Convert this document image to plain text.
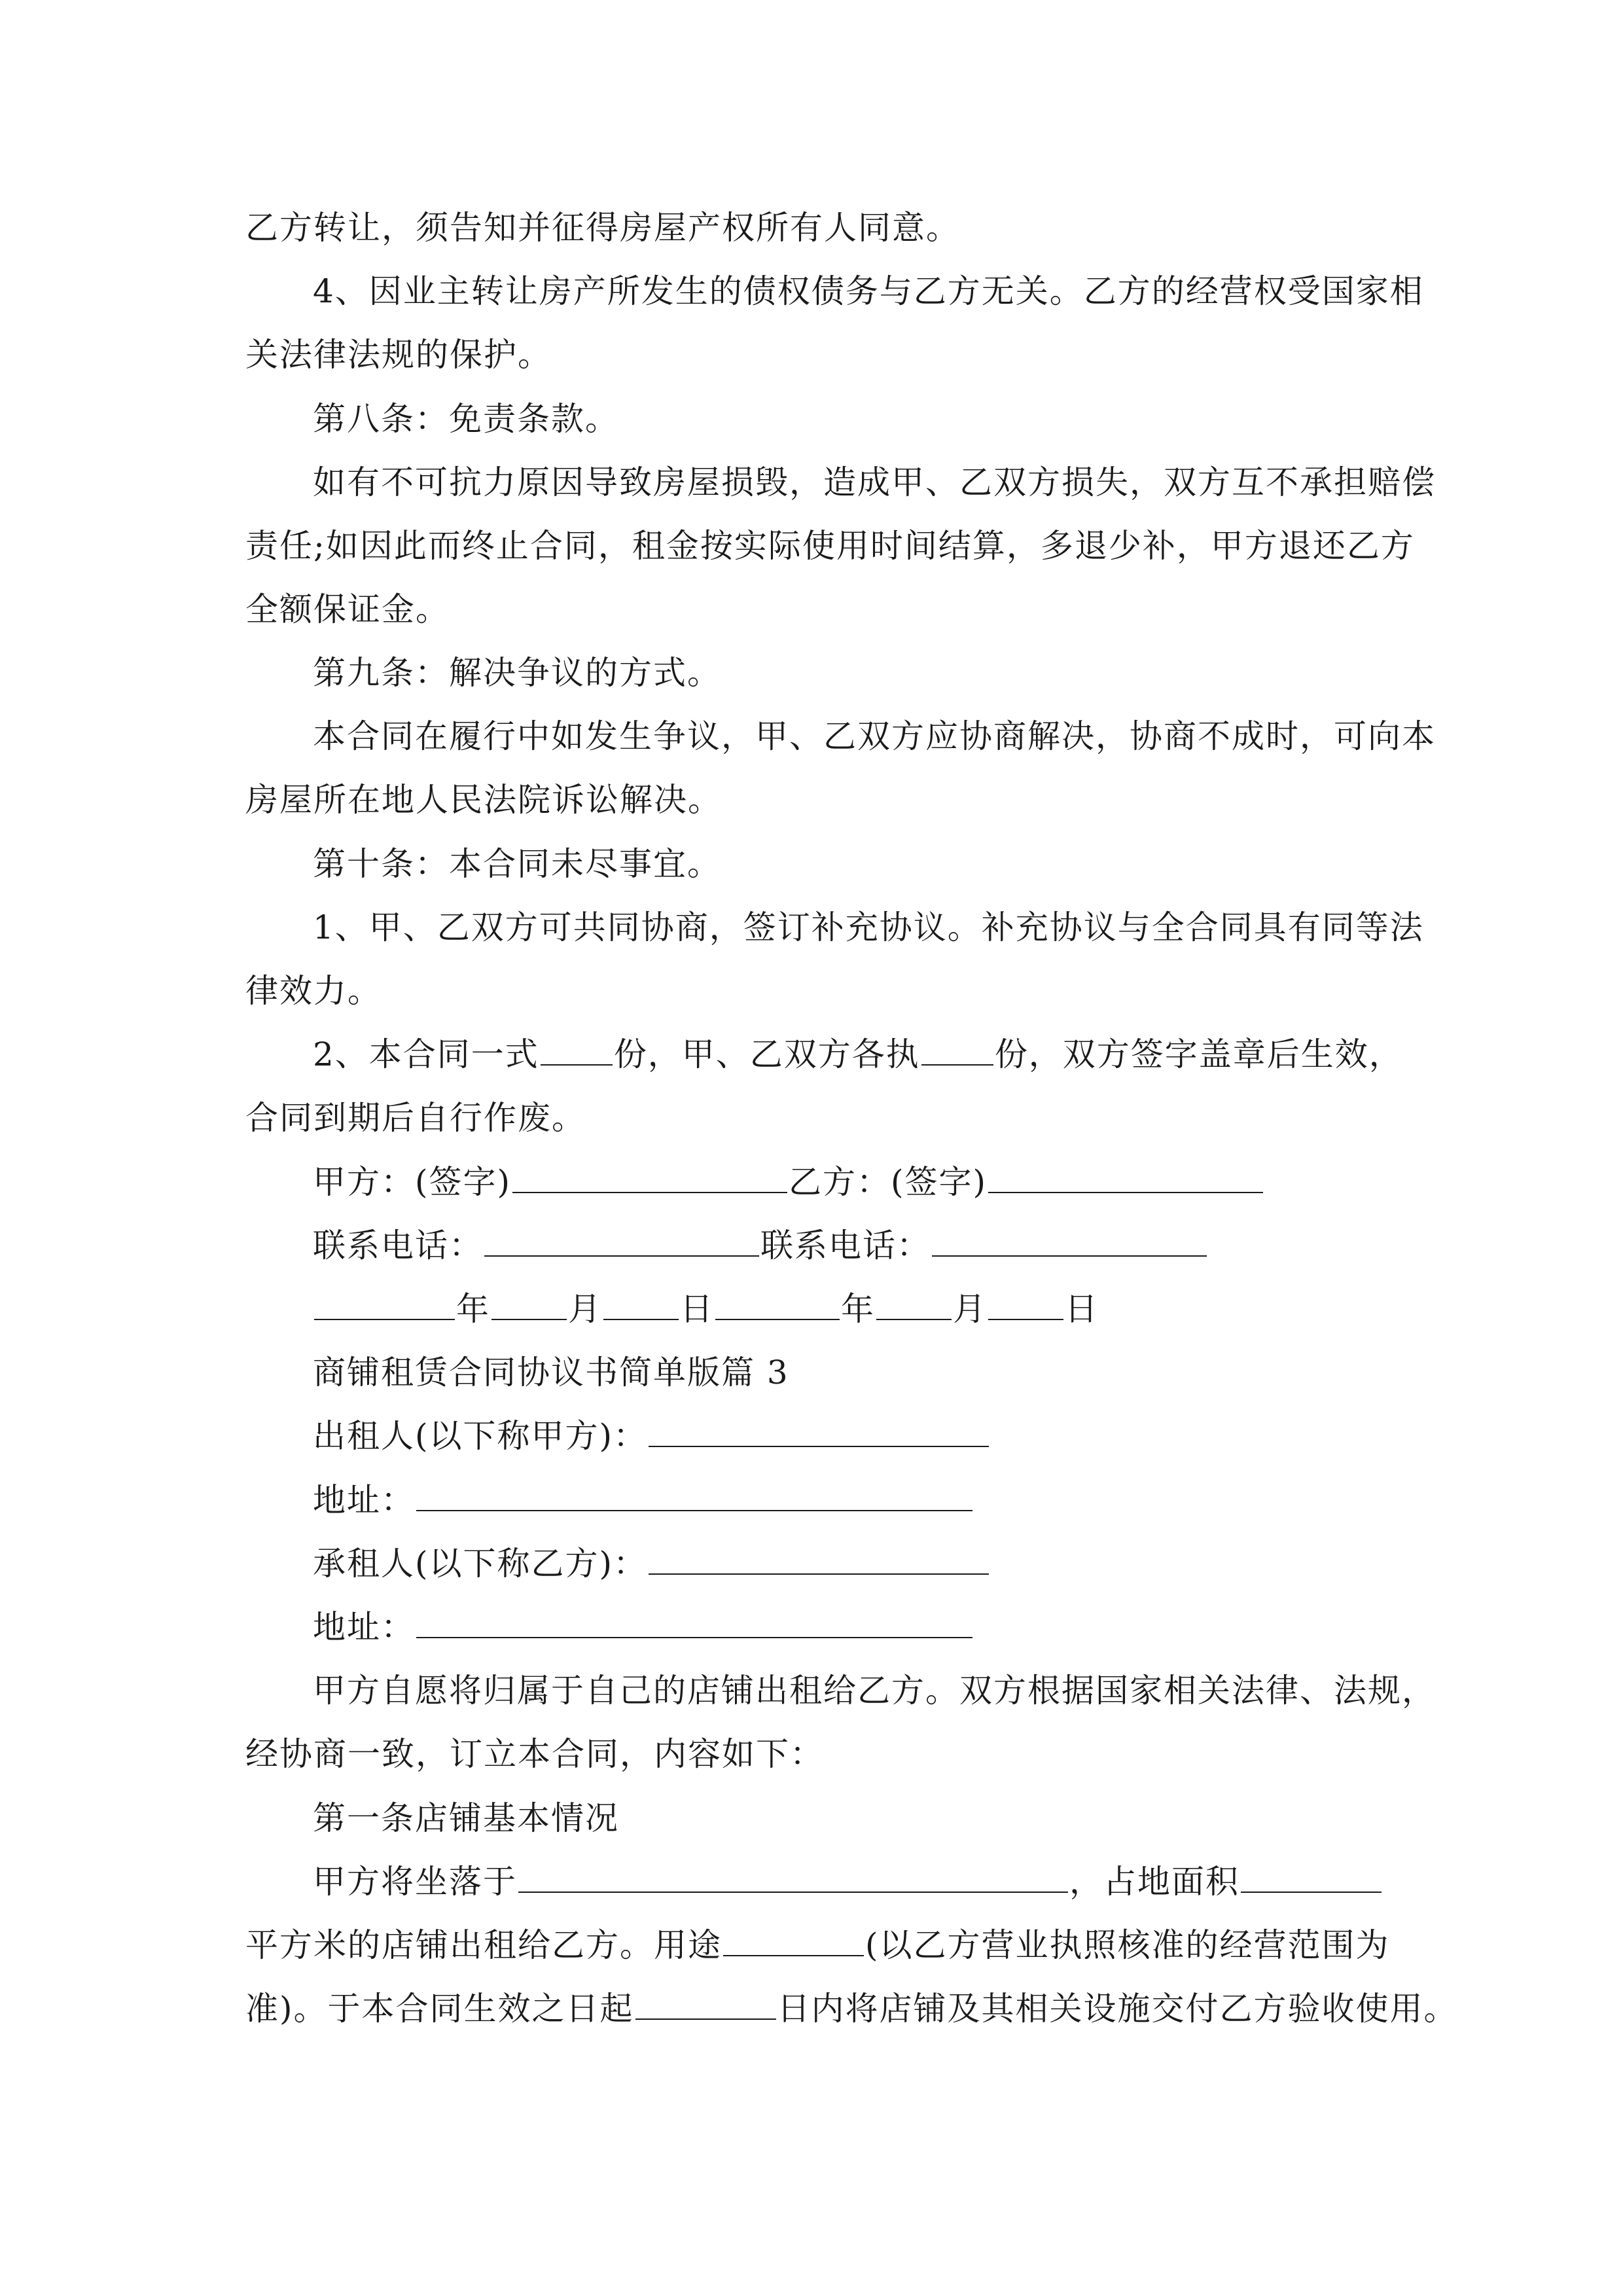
乙方转让，须告知并征得房屋产权所有人同意。
4、因业主转让房产所发生的债权债务与乙方无关。乙方的经营权受国家相
关法律法规的保护。
第八条：免责条款。
如有不可抗力原因导致房屋损毁，造成甲、乙双方损失，双方互不承担赔偿
责任;如因此而终止合同，租金按实际使用时间结算，多退少补，甲方退还乙方
全额保证金。
第九条：解决争议的方式。
本合同在履行中如发生争议，甲、乙双方应协商解决，协商不成时，可向本
房屋所在地人民法院诉讼解决。
第十条：本合同未尽事宜。
1、甲、乙双方可共同协商，签订补充协议。补充协议与全合同具有同等法
律效力。
2、本合同一式 份，甲、乙双方各执 份，双方签字盖章后生效，
合同到期后自行作废。
甲方：(签字)	乙方：(签字)
联系电话：	联系电话：
年 月 日	年 月 日
商铺租赁合同协议书简单版篇 3
出租人(以下称甲方)：
地址：
承租人(以下称乙方)：
地址：
甲方自愿将归属于自己的店铺出租给乙方。双方根据国家相关法律、法规，
经协商一致，订立本合同，内容如下：
第一条店铺基本情况
甲方将坐落于	，占地面积
平方米的店铺出租给乙方。用途	(以乙方营业执照核准的经营范围为
准)。于本合同生效之日起	日内将店铺及其相关设施交付乙方验收使用。
